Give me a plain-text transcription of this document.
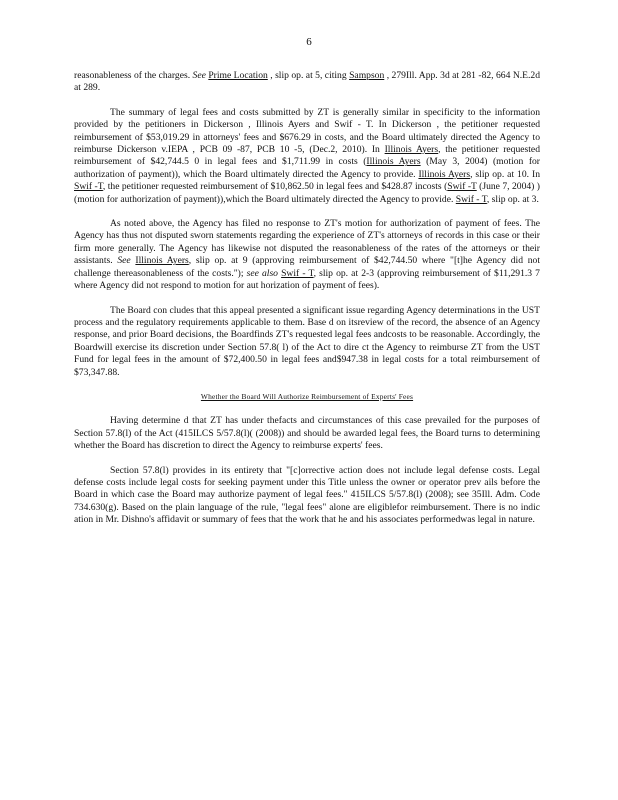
6

reasonableness of the charges. See Prime Location , slip op. at 5, citing Sampson , 279Ill. App. 3d at 281 -82, 664 N.E.2d at 289.

The summary of legal fees and costs submitted by ZT is generally similar in specificity to the information provided by the petitioners in Dickerson , Illinois Ayers and Swif - T. In Dickerson , the petitioner requested reimbursement of $53,019.29 in attorneys' fees and $676.29 in costs, and the Board ultimately directed the Agency to reimburse Dickerson v.IEPA , PCB 09 -87, PCB 10 -5, (Dec.2, 2010). In Illinois Ayers, the petitioner requested reimbursement of $42,744.5 0 in legal fees and $1,711.99 in costs (Illinois Ayers (May 3, 2004) (motion for authorization of payment)), which the Board ultimately directed the Agency to provide. Illinois Ayers, slip op. at 10. In Swif -T, the petitioner requested reimbursement of $10,862.50 in legal fees and $428.87 incosts (Swif -T (June 7, 2004) ) (motion for authorization of payment)),which the Board ultimately directed the Agency to provide. Swif - T, slip op. at 3.

As noted above, the Agency has filed no response to ZT's motion for authorization of payment of fees. The Agency has thus not disputed sworn statements regarding the experience of ZT's attorneys of records in this case or their firm more generally. The Agency has likewise not disputed the reasonableness of the rates of the attorneys or their assistants. See Illinois Ayers, slip op. at 9 (approving reimbursement of $42,744.50 where "[t]he Agency did not challenge thereasonableness of the costs."); see also Swif - T, slip op. at 2-3 (approving reimbursement of $11,291.3 7 where Agency did not respond to motion for aut horization of payment of fees).

The Board con cludes that this appeal presented a significant issue regarding Agency determinations in the UST process and the regulatory requirements applicable to them. Base d on itsreview of the record, the absence of an Agency response, and prior Board decisions, the Boardfinds ZT's requested legal fees andcosts to be reasonable. Accordingly, the Boardwill exercise its discretion under Section 57.8( l) of the Act to dire ct the Agency to reimburse ZT from the UST Fund for legal fees in the amount of $72,400.50 in legal fees and$947.38 in legal costs for a total reimbursement of $73,347.88.

Whether the Board Will Authorize Reimbursement of Experts' Fees

Having determine d that ZT has under thefacts and circumstances of this case prevailed for the purposes of Section 57.8(l) of the Act (415ILCS 5/57.8(l)( (2008)) and should be awarded legal fees, the Board turns to determining whether the Board has discretion to direct the Agency to reimburse experts' fees.

Section 57.8(l) provides in its entirety that "[c]orrective action does not include legal defense costs. Legal defense costs include legal costs for seeking payment under this Title unless the owner or operator prev ails before the Board in which case the Board may authorize payment of legal fees." 415ILCS 5/57.8(l) (2008); see 35Ill. Adm. Code 734.630(g). Based on the plain language of the rule, "legal fees" alone are eligiblefor reimbursement. There is no indic ation in Mr. Dishno's affidavit or summary of fees that the work that he and his associates performedwas legal in nature.
